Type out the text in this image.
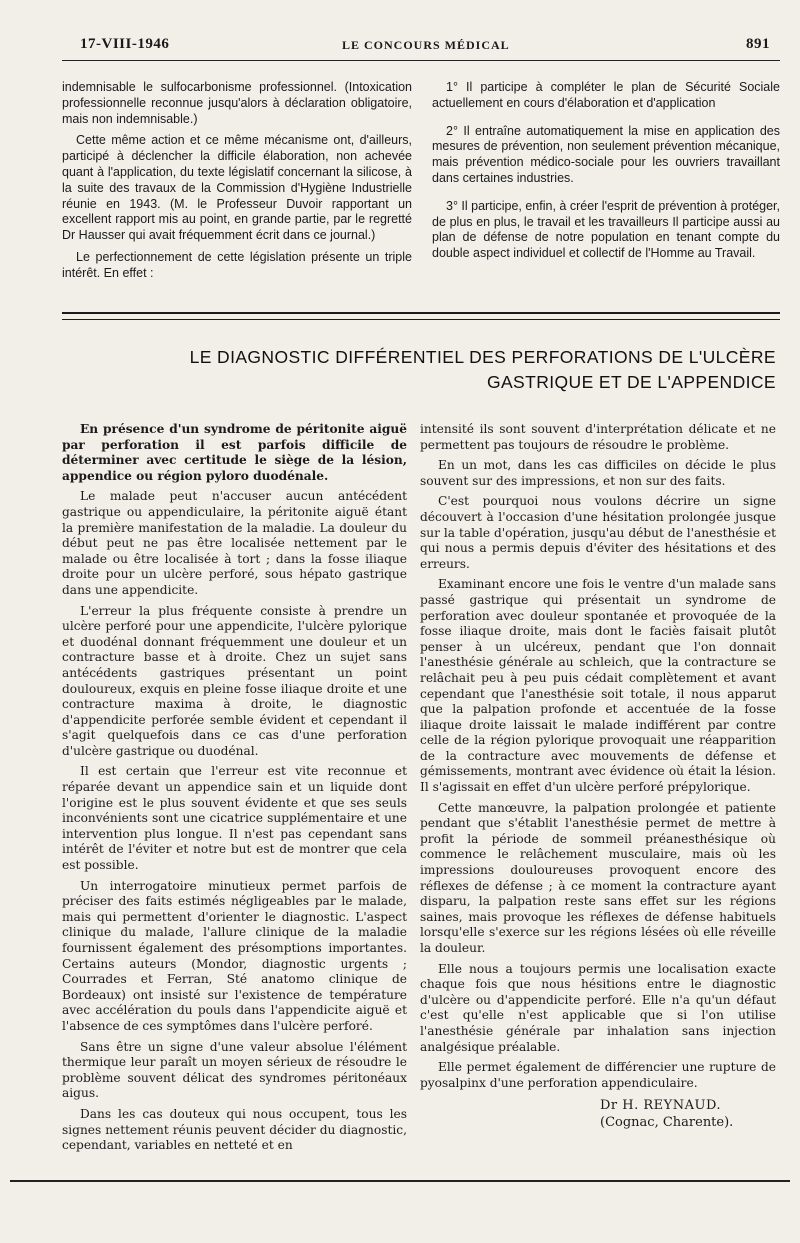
17-VIII-1946	LE CONCOURS MÉDICAL	891

indemnisable le sulfocarbonisme professionnel. (Intoxication professionnelle reconnue jusqu'alors à déclaration obligatoire, mais non indemnisable.)

Cette même action et ce même mécanisme ont, d'ailleurs, participé à déclencher la difficile élaboration, non achevée quant à l'application, du texte législatif concernant la silicose, à la suite des travaux de la Commission d'Hygiène Industrielle réunie en 1943. (M. le Professeur Duvoir rapportant un excellent rapport mis au point, en grande partie, par le regretté Dr Hausser qui avait fréquemment écrit dans ce journal.)

Le perfectionnement de cette législation présente un triple intérêt. En effet :

1° Il participe à compléter le plan de Sécurité Sociale actuellement en cours d'élaboration et d'application

2° Il entraîne automatiquement la mise en application des mesures de prévention, non seulement prévention mécanique, mais prévention médico-sociale pour les ouvriers travaillant dans certaines industries.

3° Il participe, enfin, à créer l'esprit de prévention à protéger, de plus en plus, le travail et les travailleurs Il participe aussi au plan de défense de notre population en tenant compte du double aspect individuel et collectif de l'Homme au Travail.

LE DIAGNOSTIC DIFFÉRENTIEL DES PERFORATIONS DE L'ULCÈRE
GASTRIQUE ET DE L'APPENDICE

En présence d'un syndrome de péritonite aiguë par perforation il est parfois difficile de déterminer avec certitude le siège de la lésion, appendice ou région pyloro duodénale.

Le malade peut n'accuser aucun antécédent gastrique ou appendiculaire, la péritonite aiguë étant la première manifestation de la maladie. La douleur du début peut ne pas être localisée nettement par le malade ou être localisée à tort ; dans la fosse iliaque droite pour un ulcère perforé, sous hépato gastrique dans une appendicite.

L'erreur la plus fréquente consiste à prendre un ulcère perforé pour une appendicite, l'ulcère pylorique et duodénal donnant fréquemment une douleur et un contracture basse et à droite. Chez un sujet sans antécédents gastriques présentant un point douloureux, exquis en pleine fosse iliaque droite et une contracture maxima à droite, le diagnostic d'appendicite perforée semble évident et cependant il s'agit quelquefois dans ce cas d'une perforation d'ulcère gastrique ou duodénal.

Il est certain que l'erreur est vite reconnue et réparée devant un appendice sain et un liquide dont l'origine est le plus souvent évidente et que ses seuls inconvénients sont une cicatrice supplémentaire et une intervention plus longue. Il n'est pas cependant sans intérêt de l'éviter et notre but est de montrer que cela est possible.

Un interrogatoire minutieux permet parfois de préciser des faits estimés négligeables par le malade, mais qui permettent d'orienter le diagnostic. L'aspect clinique du malade, l'allure clinique de la maladie fournissent également des présomptions importantes. Certains auteurs (Mondor, diagnostic urgents ; Courrades et Ferran, Sté anatomo clinique de Bordeaux) ont insisté sur l'existence de température avec accélération du pouls dans l'appendicite aiguë et l'absence de ces symptômes dans l'ulcère perforé.

Sans être un signe d'une valeur absolue l'élément thermique leur paraît un moyen sérieux de résoudre le problème souvent délicat des syndromes péritonéaux aigus.

Dans les cas douteux qui nous occupent, tous les signes nettement réunis peuvent décider du diagnostic, cependant, variables en netteté et en

intensité ils sont souvent d'interprétation délicate et ne permettent pas toujours de résoudre le problème.

En un mot, dans les cas difficiles on décide le plus souvent sur des impressions, et non sur des faits.

C'est pourquoi nous voulons décrire un signe découvert à l'occasion d'une hésitation prolongée jusque sur la table d'opération, jusqu'au début de l'anesthésie et qui nous a permis depuis d'éviter des hésitations et des erreurs.

Examinant encore une fois le ventre d'un malade sans passé gastrique qui présentait un syndrome de perforation avec douleur spontanée et provoquée de la fosse iliaque droite, mais dont le faciès faisait plutôt penser à un ulcéreux, pendant que l'on donnait l'anesthésie générale au schleich, que la contracture se relâchait peu à peu puis cédait complètement et avant cependant que l'anesthésie soit totale, il nous apparut que la palpation profonde et accentuée de la fosse iliaque droite laissait le malade indifférent par contre celle de la région pylorique provoquait une réapparition de la contracture avec mouvements de défense et gémissements, montrant avec évidence où était la lésion. Il s'agissait en effet d'un ulcère perforé prépylorique.

Cette manœuvre, la palpation prolongée et patiente pendant que s'établit l'anesthésie permet de mettre à profit la période de sommeil préanesthésique où commence le relâchement musculaire, mais où les impressions douloureuses provoquent encore des réflexes de défense ; à ce moment la contracture ayant disparu, la palpation reste sans effet sur les régions saines, mais provoque les réflexes de défense habituels lorsqu'elle s'exerce sur les régions lésées où elle réveille la douleur.

Elle nous a toujours permis une localisation exacte chaque fois que nous hésitions entre le diagnostic d'ulcère ou d'appendicite perforé. Elle n'a qu'un défaut c'est qu'elle n'est applicable que si l'on utilise l'anesthésie générale par inhalation sans injection analgésique préalable.

Elle permet également de différencier une rupture de pyosalpinx d'une perforation appendiculaire.

Dr H. REYNAUD.
(Cognac, Charente).
